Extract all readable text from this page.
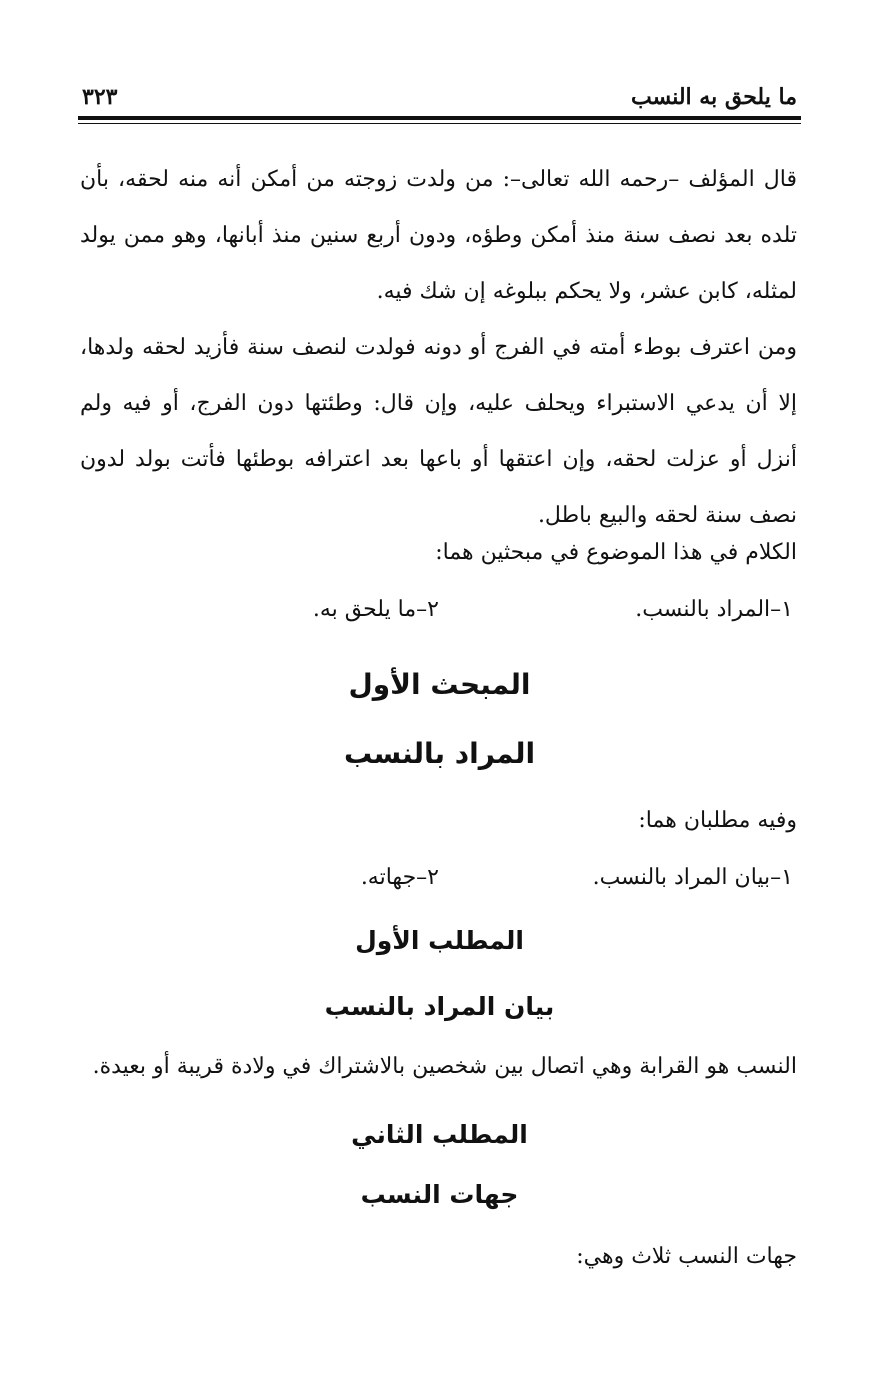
ما يلحق به النسب
٣٢٣

قال المؤلف –رحمه الله تعالى–: من ولدت زوجته من أمكن أنه منه لحقه، بأن تلده بعد نصف سنة منذ أمكن وطؤه، ودون أربع سنين منذ أبانها، وهو ممن يولد لمثله، كابن عشر، ولا يحكم ببلوغه إن شك فيه.

ومن اعترف بوطء أمته في الفرج أو دونه فولدت لنصف سنة فأزيد لحقه ولدها، إلا أن يدعي الاستبراء ويحلف عليه، وإن قال: وطئتها دون الفرج، أو فيه ولم أنزل أو عزلت لحقه، وإن اعتقها أو باعها بعد اعترافه بوطئها فأتت بولد لدون نصف سنة لحقه والبيع باطل.

الكلام في هذا الموضوع في مبحثين هما:
١–المراد بالنسب.
٢–ما يلحق به.
المبحث الأول
المراد بالنسب
وفيه مطلبان هما:
١–بيان المراد بالنسب.
٢–جهاته.
المطلب الأول
بيان المراد بالنسب
النسب هو القرابة وهي اتصال بين شخصين بالاشتراك في ولادة قريبة أو بعيدة.
المطلب الثاني
جهات النسب
جهات النسب ثلاث وهي:
